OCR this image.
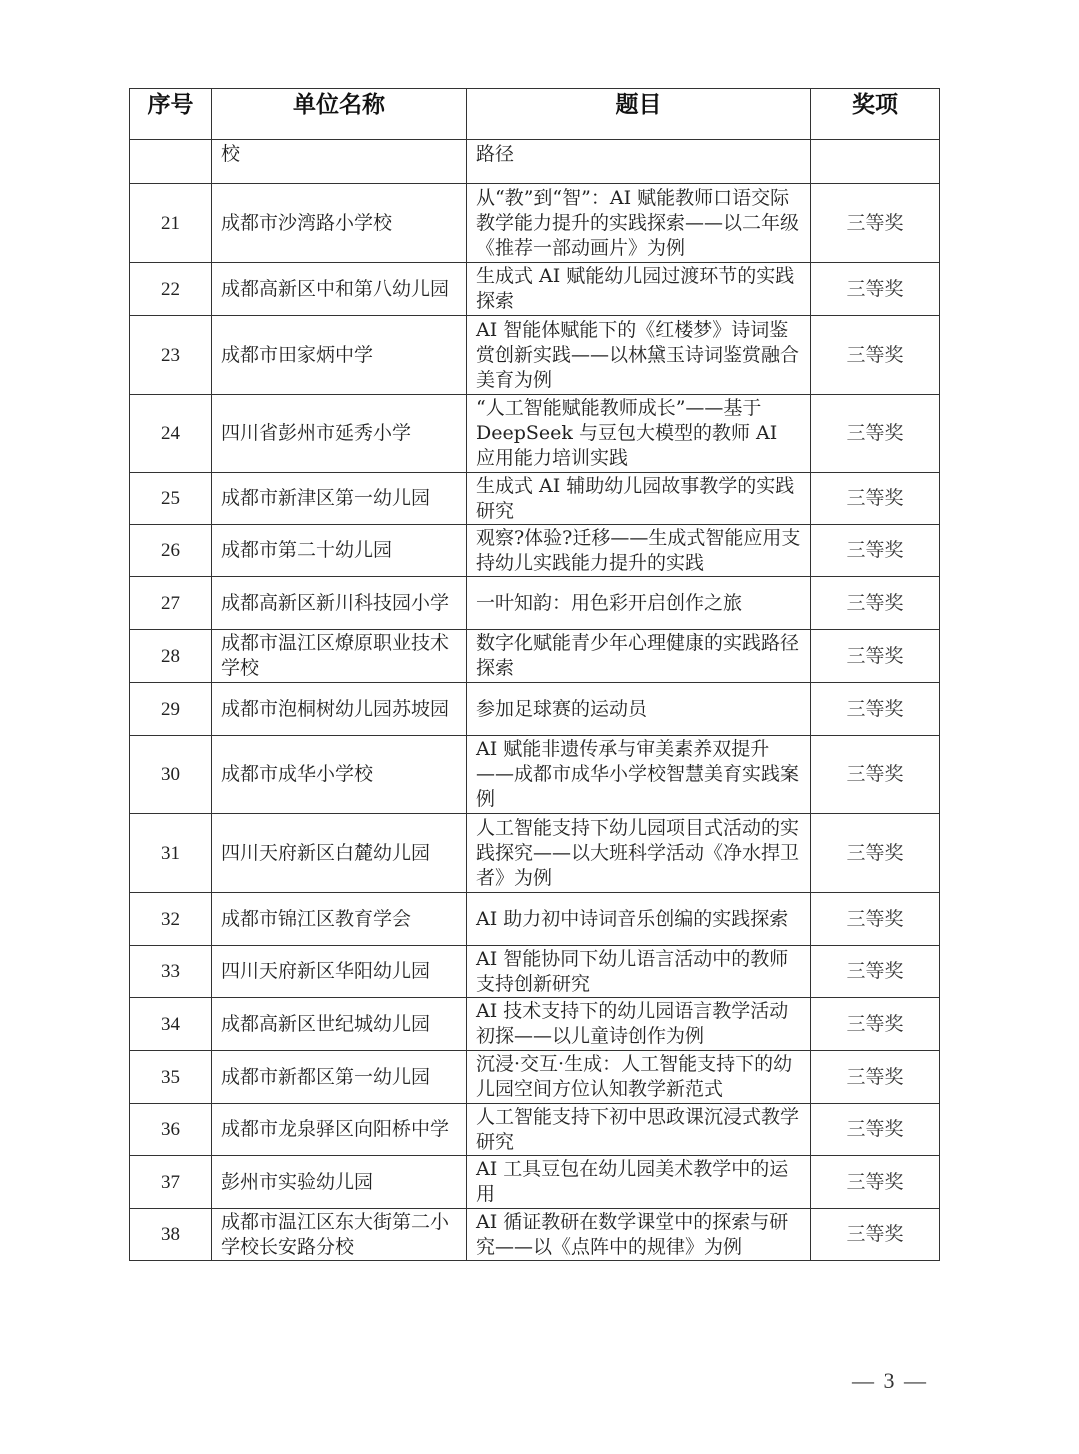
序号	单位名称	题目	奖项
	校	路径	
21	成都市沙湾路小学校	从“教”到“智”：AI 赋能教师口语交际教学能力提升的实践探索——以二年级《推荐一部动画片》为例	三等奖
22	成都高新区中和第八幼儿园	生成式 AI 赋能幼儿园过渡环节的实践探索	三等奖
23	成都市田家炳中学	AI 智能体赋能下的《红楼梦》诗词鉴赏创新实践——以林黛玉诗词鉴赏融合美育为例	三等奖
24	四川省彭州市延秀小学	“人工智能赋能教师成长”——基于 DeepSeek 与豆包大模型的教师 AI 应用能力培训实践	三等奖
25	成都市新津区第一幼儿园	生成式 AI 辅助幼儿园故事教学的实践研究	三等奖
26	成都市第二十幼儿园	观察?体验?迁移——生成式智能应用支持幼儿实践能力提升的实践	三等奖
27	成都高新区新川科技园小学	一叶知韵：用色彩开启创作之旅	三等奖
28	成都市温江区燎原职业技术学校	数字化赋能青少年心理健康的实践路径探索	三等奖
29	成都市泡桐树幼儿园苏坡园	参加足球赛的运动员	三等奖
30	成都市成华小学校	AI 赋能非遗传承与审美素养双提升——成都市成华小学校智慧美育实践案例	三等奖
31	四川天府新区白麓幼儿园	人工智能支持下幼儿园项目式活动的实践探究——以大班科学活动《净水捍卫者》为例	三等奖
32	成都市锦江区教育学会	AI 助力初中诗词音乐创编的实践探索	三等奖
33	四川天府新区华阳幼儿园	AI 智能协同下幼儿语言活动中的教师支持创新研究	三等奖
34	成都高新区世纪城幼儿园	AI 技术支持下的幼儿园语言教学活动初探——以儿童诗创作为例	三等奖
35	成都市新都区第一幼儿园	沉浸·交互·生成：人工智能支持下的幼儿园空间方位认知教学新范式	三等奖
36	成都市龙泉驿区向阳桥中学	人工智能支持下初中思政课沉浸式教学研究	三等奖
37	彭州市实验幼儿园	AI 工具豆包在幼儿园美术教学中的运用	三等奖
38	成都市温江区东大街第二小学校长安路分校	AI 循证教研在数学课堂中的探索与研究——以《点阵中的规律》为例	三等奖
— 3 —
